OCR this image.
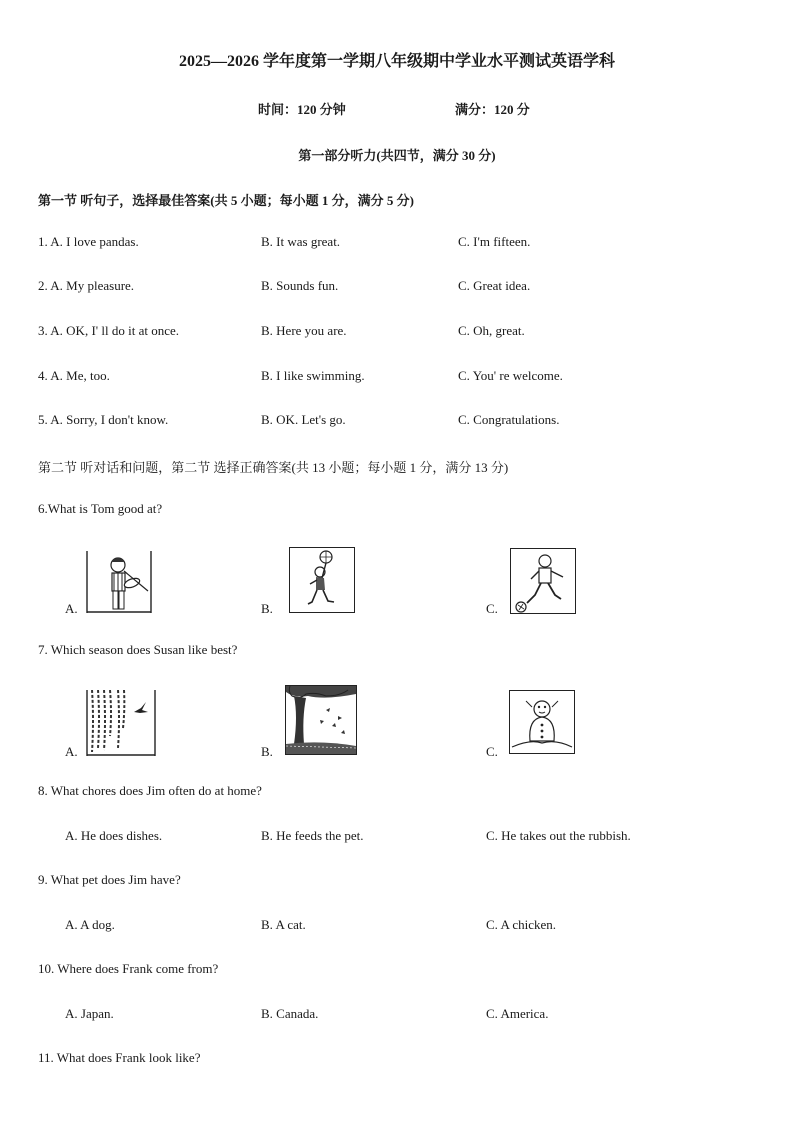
2025—2026 学年度第一学期八年级期中学业水平测试英语学科
时间：120 分钟	满分：120 分
第一部分听力(共四节，满分 30 分)
第一节 听句子，选择最佳答案(共 5 小题；每小题 1 分，满分 5 分)
1. A. I love pandas.	B. It was great.	C. I'm fifteen.
2. A. My pleasure.	B. Sounds fun.	C. Great idea.
3. A. OK, I' ll do it at once.	B. Here you are.	C. Oh, great.
4. A. Me, too.	B. I like swimming.	C. You' re welcome.
5. A. Sorry, I don't know.	B. OK. Let's go.	C. Congratulations.
第二节 听对话和问题，第二节 选择正确答案(共 13 小题；每小题 1 分，满分 13 分)
6.What is Tom good at?
A.	B.	C.
7. Which season does Susan like best?
A.	B.	C.
8. What chores does Jim often do at home?
A. He does dishes.	B. He feeds the pet.	C. He takes out the rubbish.
9. What pet does Jim have?
A. A dog.	B. A cat.	C. A chicken.
10. Where does Frank come from?
A. Japan.	B. Canada.	C. America.
11. What does Frank look like?
